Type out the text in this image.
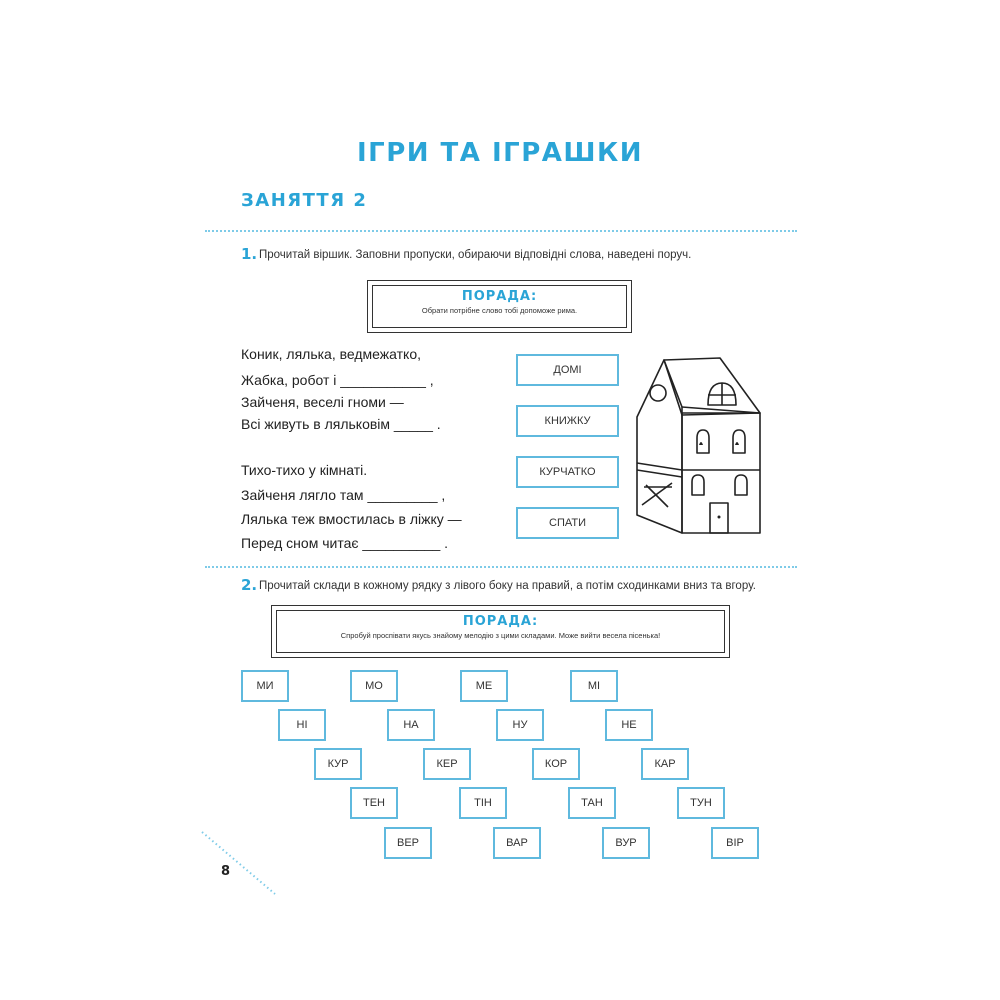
ІГРИ ТА ІГРАШКИ
ЗАНЯТТЯ 2
1. Прочитай віршик. Заповни пропуски, обираючи відповідні слова, наведені поруч.
ПОРАДА:
Обрати потрібне слово тобі допоможе рима.
Коник, лялька, ведмежатко,
Жабка, робот і ___________ ,
Зайченя, веселі гноми —
Всі живуть в ляльковім _____ .
Тихо-тихо у кімнаті.
Зайченя лягло там _________ ,
Лялька теж вмостилась в ліжку —
Перед сном читає __________ .
ДОМІ
КНИЖКУ
КУРЧАТКО
СПАТИ
2. Прочитай склади в кожному рядку з лівого боку на правий, а потім сходинками вниз та вгору.
ПОРАДА:
Спробуй проспівати якусь знайому мелодію з цими складами. Може вийти весела пісенька!
МИ	МО	МЕ	МІ
НІ	НА	НУ	НЕ
КУР	КЕР	КОР	КАР
ТЕН	ТІН	ТАН	ТУН
ВЕР	ВАР	ВУР	ВІР
8
